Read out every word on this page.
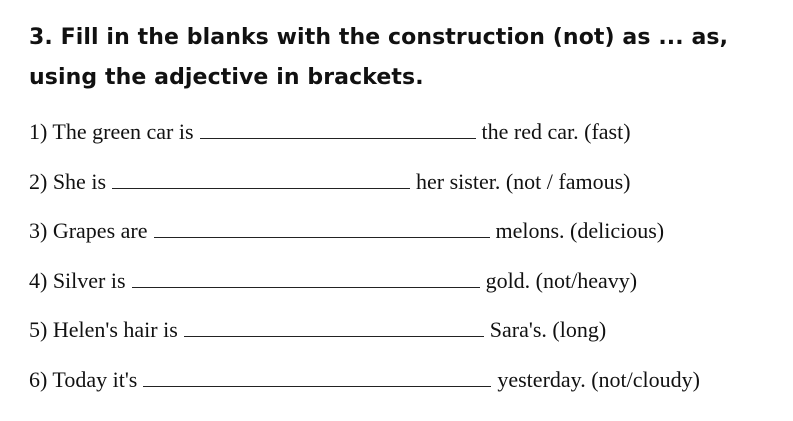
3. Fill in the blanks with the construction (not) as ... as, using the adjective in brackets.
1) The green car is	the red car. (fast)
2) She is	her sister. (not / famous)
3) Grapes are	melons. (delicious)
4) Silver is	gold. (not/heavy)
5) Helen's hair is	Sara's. (long)
6) Today it's	yesterday. (not/cloudy)
